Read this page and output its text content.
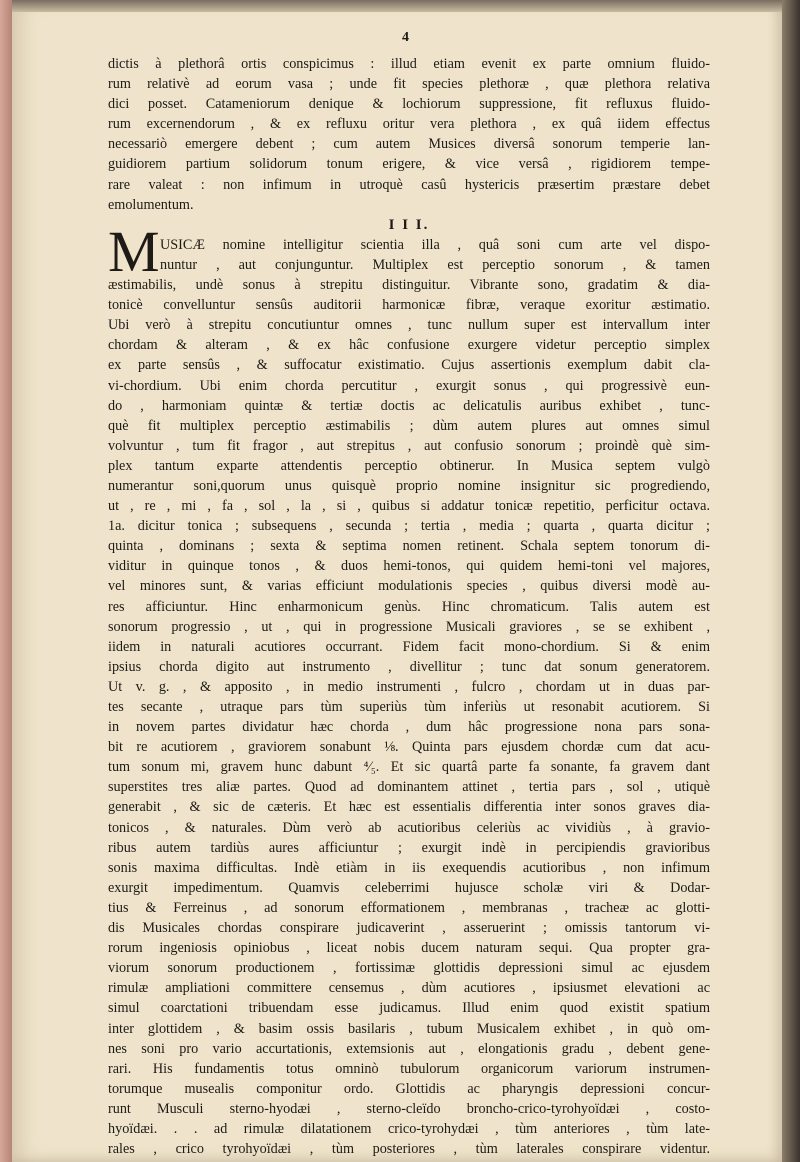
4
M
dictis à plethorâ ortis conspicimus : illud etiam evenit ex parte omnium fluido-
rum relativè ad eorum vasa ; unde fit species plethoræ , quæ plethora relativa
dici posset. Catameniorum denique & lochiorum suppressione, fit refluxus fluido-
rum excernendorum , & ex refluxu oritur vera plethora , ex quâ iidem effectus
necessariò emergere debent ; cum autem Musices diversâ sonorum temperie lan-
guidiorem partium solidorum tonum erigere, & vice versâ , rigidiorem tempe-
rare valeat : non infimum in utroquè casû hystericis præsertim præstare debet
emolumentum.
I I I.
USICÆ nomine intelligitur scientia illa , quâ soni cum arte vel dispo-
nuntur , aut conjunguntur. Multiplex est perceptio sonorum , & tamen
æstimabilis, undè sonus à strepitu distinguitur. Vibrante sono, gradatim & dia-
tonicè convelluntur sensûs auditorii harmonicæ fibræ, veraque exoritur æstimatio.
Ubi verò à strepitu concutiuntur omnes , tunc nullum super est intervallum inter
chordam & alteram , & ex hâc confusione exurgere videtur perceptio simplex
ex parte sensûs , & suffocatur existimatio. Cujus assertionis exemplum dabit cla-
vi-chordium. Ubi enim chorda percutitur , exurgit sonus , qui progressivè eun-
do , harmoniam quintæ & tertiæ doctis ac delicatulis auribus exhibet , tunc-
què fit multiplex perceptio æstimabilis ; dùm autem plures aut omnes simul
volvuntur , tum fit fragor , aut strepitus , aut confusio sonorum ; proindè què sim-
plex tantum exparte attendentis perceptio obtinerur. In Musica septem vulgò
numerantur soni,quorum unus quisquè proprio nomine insignitur sic progrediendo,
ut , re , mi , fa , sol , la , si , quibus si addatur tonicæ repetitio, perficitur octava.
1a. dicitur tonica ; subsequens , secunda ; tertia , media ; quarta , quarta dicitur ;
quinta , dominans ; sexta & septima nomen retinent. Schala septem tonorum di-
viditur in quinque tonos , & duos hemi-tonos, qui quidem hemi-toni vel majores,
vel minores sunt, & varias efficiunt modulationis species , quibus diversi modè au-
res afficiuntur. Hinc enharmonicum genùs. Hinc chromaticum. Talis autem est
sonorum progressio , ut , qui in progressione Musicali graviores , se se exhibent ,
iidem in naturali acutiores occurrant. Fidem facit mono-chordium. Si & enim
ipsius chorda digito aut instrumento , divellitur ; tunc dat sonum generatorem.
Ut v. g. , & apposito , in medio instrumenti , fulcro , chordam ut in duas par-
tes secante , utraque pars tùm superiùs tùm inferiùs ut resonabit acutiorem. Si
in novem partes dividatur hæc chorda , dum hâc progressione nona pars sona-
bit re acutiorem , graviorem sonabunt ⅛. Quinta pars ejusdem chordæ cum dat acu-
tum sonum mi, gravem hunc dabunt ⁴⁄₅. Et sic quartâ parte fa sonante, fa gravem dant
superstites tres aliæ partes. Quod ad dominantem attinet , tertia pars , sol , utiquè
generabit , & sic de cæteris. Et hæc est essentialis differentia inter sonos graves dia-
tonicos , & naturales. Dùm verò ab acutioribus celeriùs ac vividiùs , à gravio-
ribus autem tardiùs aures afficiuntur ; exurgit indè in percipiendis gravioribus
sonis maxima difficultas. Indè etiàm in iis exequendis acutioribus , non infimum
exurgit impedimentum. Quamvis celeberrimi hujusce scholæ viri & Dodar-
tius & Ferreinus , ad sonorum efformationem , membranas , tracheæ ac glotti-
dis Musicales chordas conspirare judicaverint , asseruerint ; omissis tantorum vi-
rorum ingeniosis opiniobus , liceat nobis ducem naturam sequi. Qua propter gra-
viorum sonorum productionem , fortissimæ glottidis depressioni simul ac ejusdem
rimulæ ampliationi committere censemus , dùm acutiores , ipsiusmet elevationi ac
simul coarctationi tribuendam esse judicamus. Illud enim quod existit spatium
inter glottidem , & basim ossis basilaris , tubum Musicalem exhibet , in quò om-
nes soni pro vario accurtationis, extemsionis aut , elongationis gradu , debent gene-
rari. His fundamentis totus omninò tubulorum organicorum variorum instrumen-
torumque musealis componitur ordo. Glottidis ac pharyngis depressioni concur-
runt Musculi sterno-hyodæi , sterno-cleïdo broncho-crico-tyrohyoïdæi , costo-
hyoïdæi. . . ad rimulæ dilatationem crico-tyrohydæi , tùm anteriores , tùm late-
rales , crico tyrohyoïdæi , tùm posteriores , tùm laterales conspirare videntur.
